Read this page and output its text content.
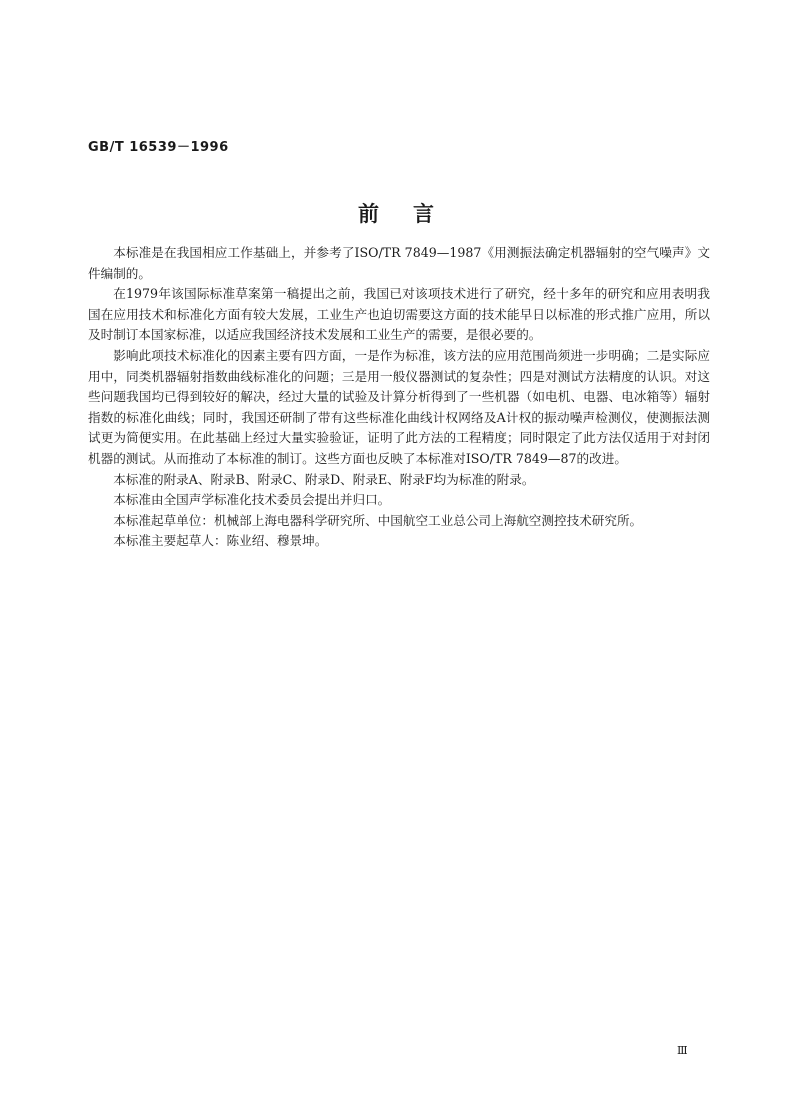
GB/T 16539－1996
前言

本标准是在我国相应工作基础上，并参考了ISO/TR 7849—1987《用测振法确定机器辐射的空气噪声》文件编制的。

在1979年该国际标准草案第一稿提出之前，我国已对该项技术进行了研究，经十多年的研究和应用表明我国在应用技术和标准化方面有较大发展，工业生产也迫切需要这方面的技术能早日以标准的形式推广应用，所以及时制订本国家标准，以适应我国经济技术发展和工业生产的需要，是很必要的。

影响此项技术标准化的因素主要有四方面，一是作为标准，该方法的应用范围尚须进一步明确；二是实际应用中，同类机器辐射指数曲线标准化的问题；三是用一般仪器测试的复杂性；四是对测试方法精度的认识。对这些问题我国均已得到较好的解决，经过大量的试验及计算分析得到了一些机器（如电机、电器、电冰箱等）辐射指数的标准化曲线；同时，我国还研制了带有这些标准化曲线计权网络及A计权的振动噪声检测仪，使测振法测试更为简便实用。在此基础上经过大量实验验证，证明了此方法的工程精度；同时限定了此方法仅适用于对封闭机器的测试。从而推动了本标准的制订。这些方面也反映了本标准对ISO/TR 7849—87的改进。

本标准的附录A、附录B、附录C、附录D、附录E、附录F均为标准的附录。

本标准由全国声学标准化技术委员会提出并归口。

本标准起草单位：机械部上海电器科学研究所、中国航空工业总公司上海航空测控技术研究所。

本标准主要起草人：陈业绍、穆景坤。

Ⅲ
